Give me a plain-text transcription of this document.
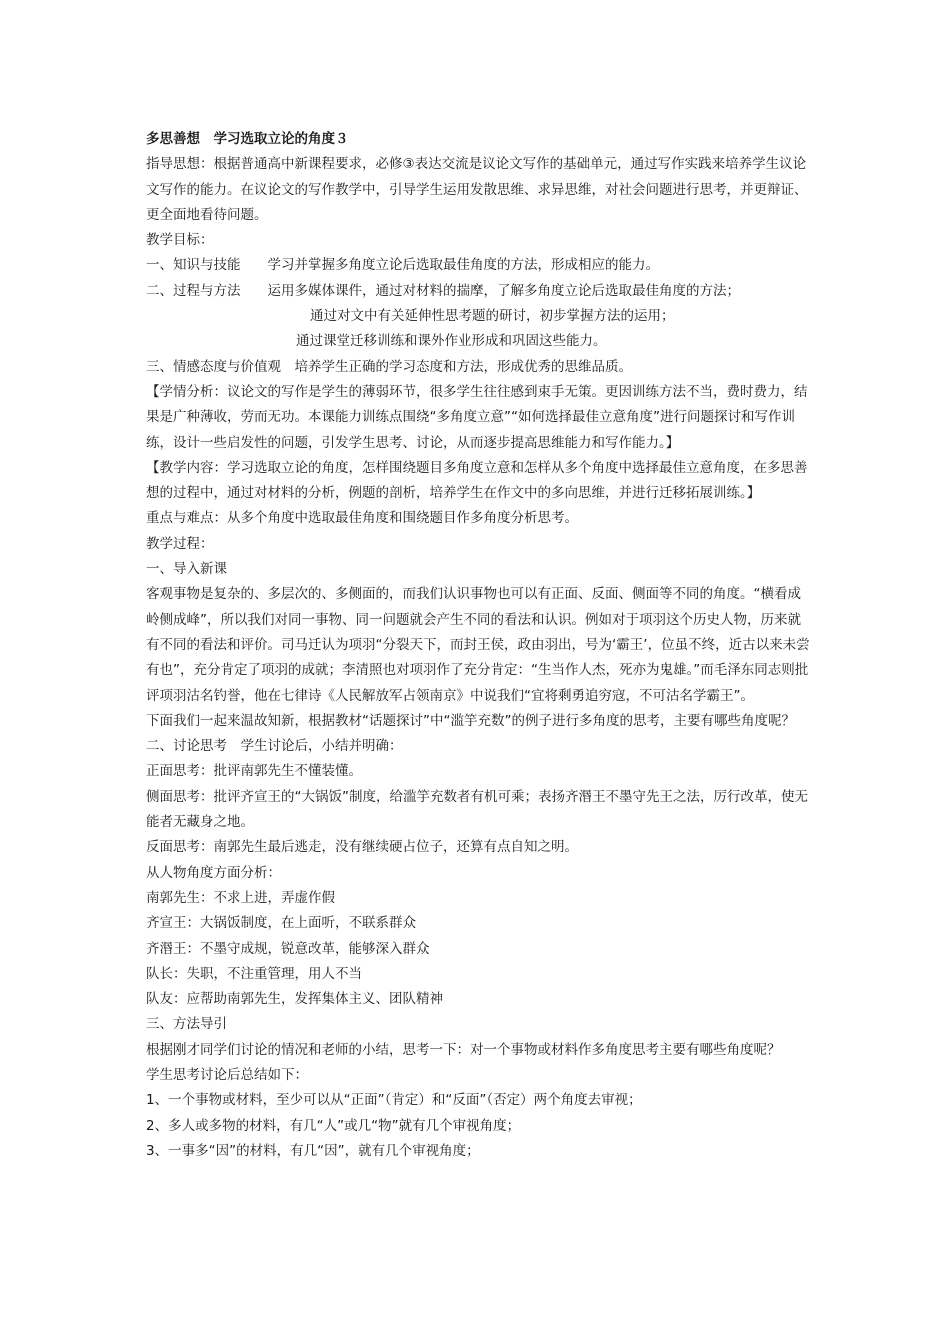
多思善想　学习选取立论的角度３
指导思想：根据普通高中新课程要求，必修③表达交流是议论文写作的基础单元，通过写作实践来培养学生议论文写作的能力。在议论文的写作教学中，引导学生运用发散思维、求异思维，对社会问题进行思考，并更辩证、更全面地看待问题。
教学目标：
一、知识与技能　　学习并掌握多角度立论后选取最佳角度的方法，形成相应的能力。
二、过程与方法　　运用多媒体课件，通过对材料的揣摩，了解多角度立论后选取最佳角度的方法；
通过对文中有关延伸性思考题的研讨，初步掌握方法的运用；
通过课堂迁移训练和课外作业形成和巩固这些能力。
三、情感态度与价值观　培养学生正确的学习态度和方法，形成优秀的思维品质。
【学情分析：议论文的写作是学生的薄弱环节，很多学生往往感到束手无策。更因训练方法不当，费时费力，结果是广种薄收，劳而无功。本课能力训练点围绕“多角度立意”“如何选择最佳立意角度”进行问题探讨和写作训练，设计一些启发性的问题，引发学生思考、讨论，从而逐步提高思维能力和写作能力。】
【教学内容：学习选取立论的角度，怎样围绕题目多角度立意和怎样从多个角度中选择最佳立意角度，在多思善想的过程中，通过对材料的分析，例题的剖析，培养学生在作文中的多向思维，并进行迁移拓展训练。】
重点与难点：从多个角度中选取最佳角度和围绕题目作多角度分析思考。
教学过程：
一、导入新课
客观事物是复杂的、多层次的、多侧面的，而我们认识事物也可以有正面、反面、侧面等不同的角度。“横看成岭侧成峰”，所以我们对同一事物、同一问题就会产生不同的看法和认识。例如对于项羽这个历史人物，历来就有不同的看法和评价。司马迁认为项羽“分裂天下，而封王侯，政由羽出，号为‘霸王’，位虽不终，近古以来未尝有也”，充分肯定了项羽的成就；李清照也对项羽作了充分肯定：“生当作人杰，死亦为鬼雄。”而毛泽东同志则批评项羽沽名钓誉，他在七律诗《人民解放军占领南京》中说我们“宜将剩勇追穷寇，不可沽名学霸王”。
下面我们一起来温故知新，根据教材“话题探讨”中“滥竽充数”的例子进行多角度的思考，主要有哪些角度呢？
二、讨论思考　学生讨论后，小结并明确：
正面思考：批评南郭先生不懂装懂。
侧面思考：批评齐宣王的“大锅饭”制度，给滥竽充数者有机可乘；表扬齐湣王不墨守先王之法，厉行改革，使无能者无藏身之地。
反面思考：南郭先生最后逃走，没有继续硬占位子，还算有点自知之明。
从人物角度方面分析：
南郭先生：不求上进，弄虚作假
齐宣王：大锅饭制度，在上面听，不联系群众
齐湣王：不墨守成规，锐意改革，能够深入群众
队长：失职，不注重管理，用人不当
队友：应帮助南郭先生，发挥集体主义、团队精神
三、方法导引
根据刚才同学们讨论的情况和老师的小结，思考一下：对一个事物或材料作多角度思考主要有哪些角度呢？
学生思考讨论后总结如下：
1、一个事物或材料，至少可以从“正面”（肯定）和“反面”（否定）两个角度去审视；
2、多人或多物的材料，有几“人”或几“物”就有几个审视角度；
3、一事多“因”的材料，有几“因”，就有几个审视角度；
